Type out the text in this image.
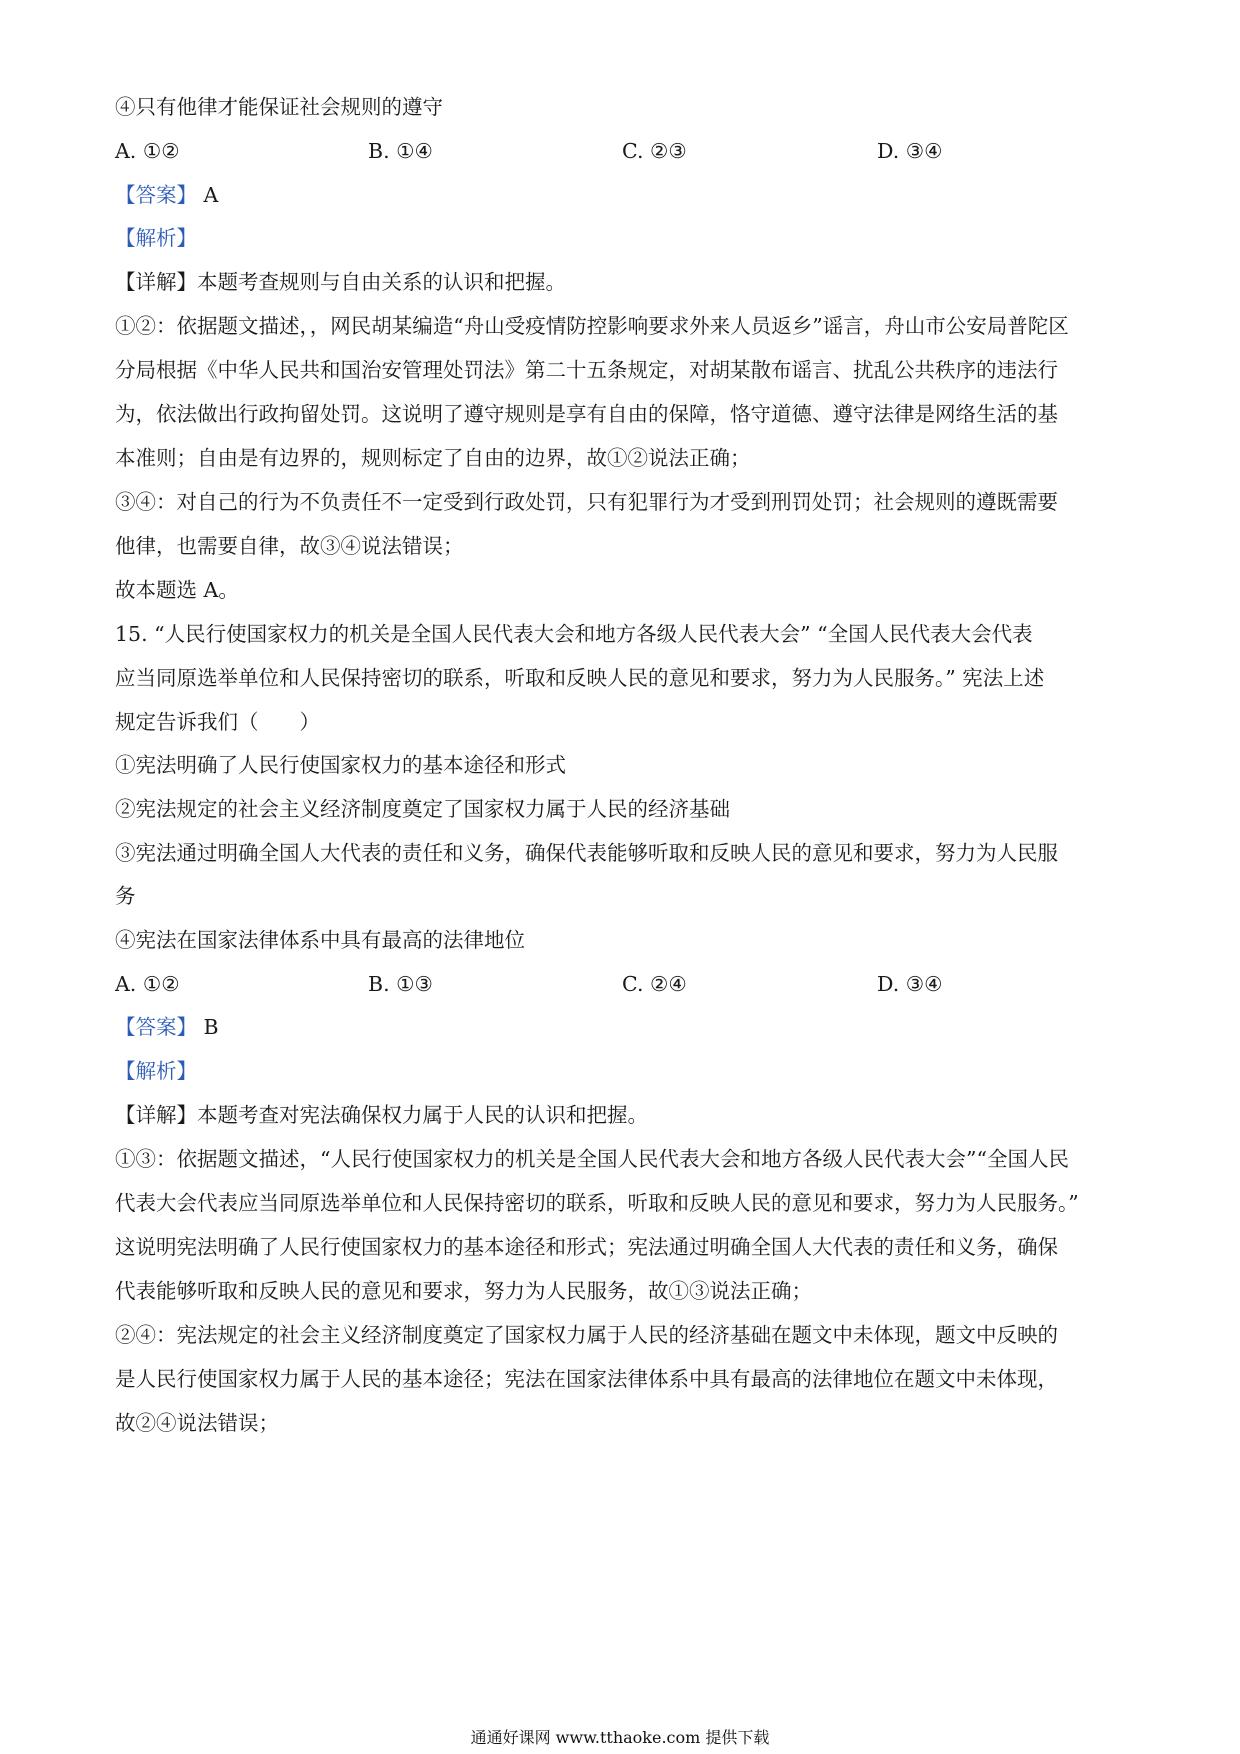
④只有他律才能保证社会规则的遵守
A. ①②	B. ①④	C. ②③	D. ③④
【答案】 A
【解析】
【详解】本题考查规则与自由关系的认识和把握。
①②：依据题文描述，，网民胡某编造“舟山受疫情防控影响要求外来人员返乡”谣言，舟山市公安局普陀区
分局根据《中华人民共和国治安管理处罚法》第二十五条规定，对胡某散布谣言、扰乱公共秩序的违法行
为，依法做出行政拘留处罚。这说明了遵守规则是享有自由的保障，恪守道德、遵守法律是网络生活的基
本准则；自由是有边界的，规则标定了自由的边界，故①②说法正确；
③④：对自己的行为不负责任不一定受到行政处罚，只有犯罪行为才受到刑罚处罚；社会规则的遵既需要
他律，也需要自律，故③④说法错误；
故本题选 A。
15. “人民行使国家权力的机关是全国人民代表大会和地方各级人民代表大会” “全国人民代表大会代表
应当同原选举单位和人民保持密切的联系，听取和反映人民的意见和要求，努力为人民服务。” 宪法上述
规定告诉我们（　　）
①宪法明确了人民行使国家权力的基本途径和形式
②宪法规定的社会主义经济制度奠定了国家权力属于人民的经济基础
③宪法通过明确全国人大代表的责任和义务，确保代表能够听取和反映人民的意见和要求，努力为人民服
务
④宪法在国家法律体系中具有最高的法律地位
A. ①②	B. ①③	C. ②④	D. ③④
【答案】 B
【解析】
【详解】本题考查对宪法确保权力属于人民的认识和把握。
①③：依据题文描述，“人民行使国家权力的机关是全国人民代表大会和地方各级人民代表大会”“全国人民
代表大会代表应当同原选举单位和人民保持密切的联系，听取和反映人民的意见和要求，努力为人民服务。”
这说明宪法明确了人民行使国家权力的基本途径和形式；宪法通过明确全国人大代表的责任和义务，确保
代表能够听取和反映人民的意见和要求，努力为人民服务，故①③说法正确；
②④：宪法规定的社会主义经济制度奠定了国家权力属于人民的经济基础在题文中未体现，题文中反映的
是人民行使国家权力属于人民的基本途径；宪法在国家法律体系中具有最高的法律地位在题文中未体现，
故②④说法错误；
通通好课网 www.tthaoke.com 提供下载
